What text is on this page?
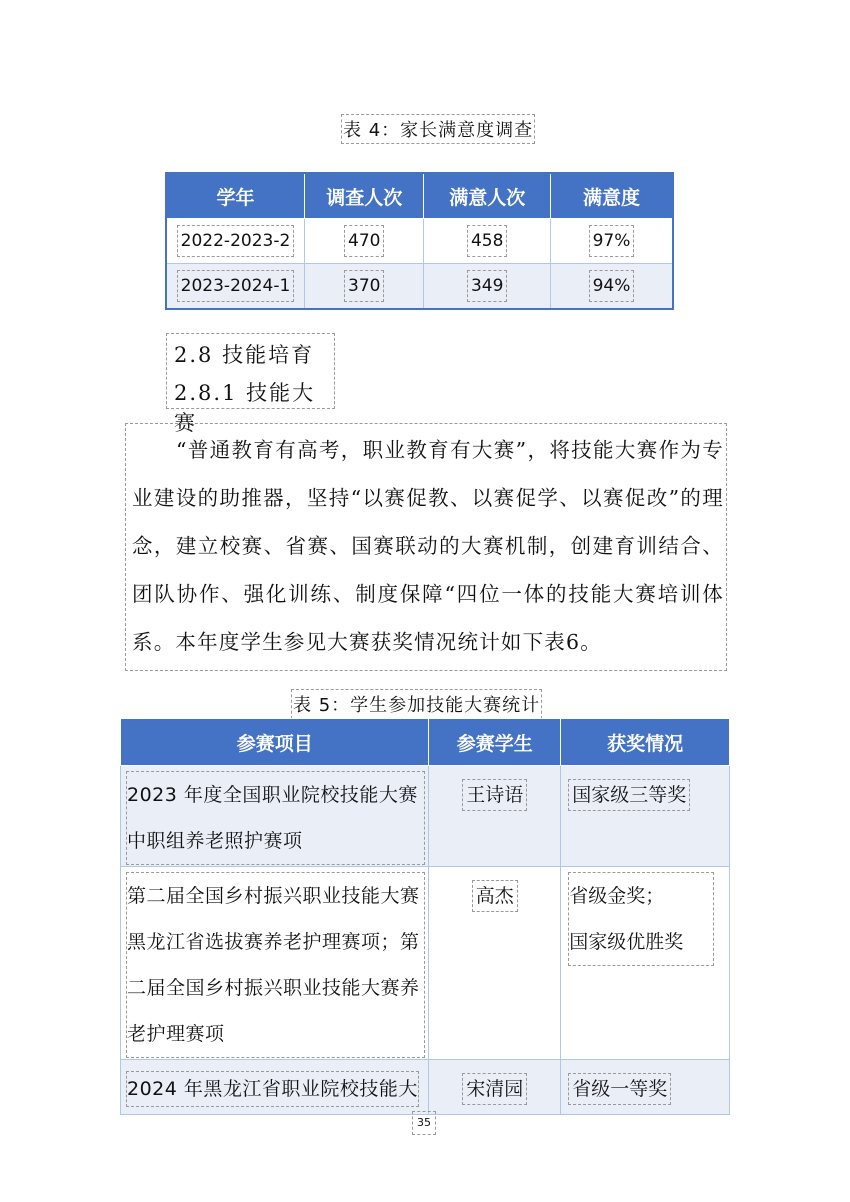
表 4：家长满意度调查
学年	调查人次	满意人次	满意度
2022-2023-2	470	458	97%
2023-2024-1	370	349	94%
2.8 技能培育
2.8.1 技能大赛
“普通教育有高考，职业教育有大赛”，将技能大赛作为专业建设的助推器，坚持“以赛促教、以赛促学、以赛促改”的理念，建立校赛、省赛、国赛联动的大赛机制，创建育训结合、团队协作、强化训练、制度保障“四位一体的技能大赛培训体系。本年度学生参见大赛获奖情况统计如下表6。
表 5：学生参加技能大赛统计
参赛项目	参赛学生	获奖情况
2023 年度全国职业院校技能大赛中职组养老照护赛项	王诗语	国家级三等奖
第二届全国乡村振兴职业技能大赛黑龙江省选拔赛养老护理赛项；第二届全国乡村振兴职业技能大赛养老护理赛项	高杰	省级金奖；
国家级优胜奖

2024 年黑龙江省职业院校技能大	宋清园	省级一等奖
35
